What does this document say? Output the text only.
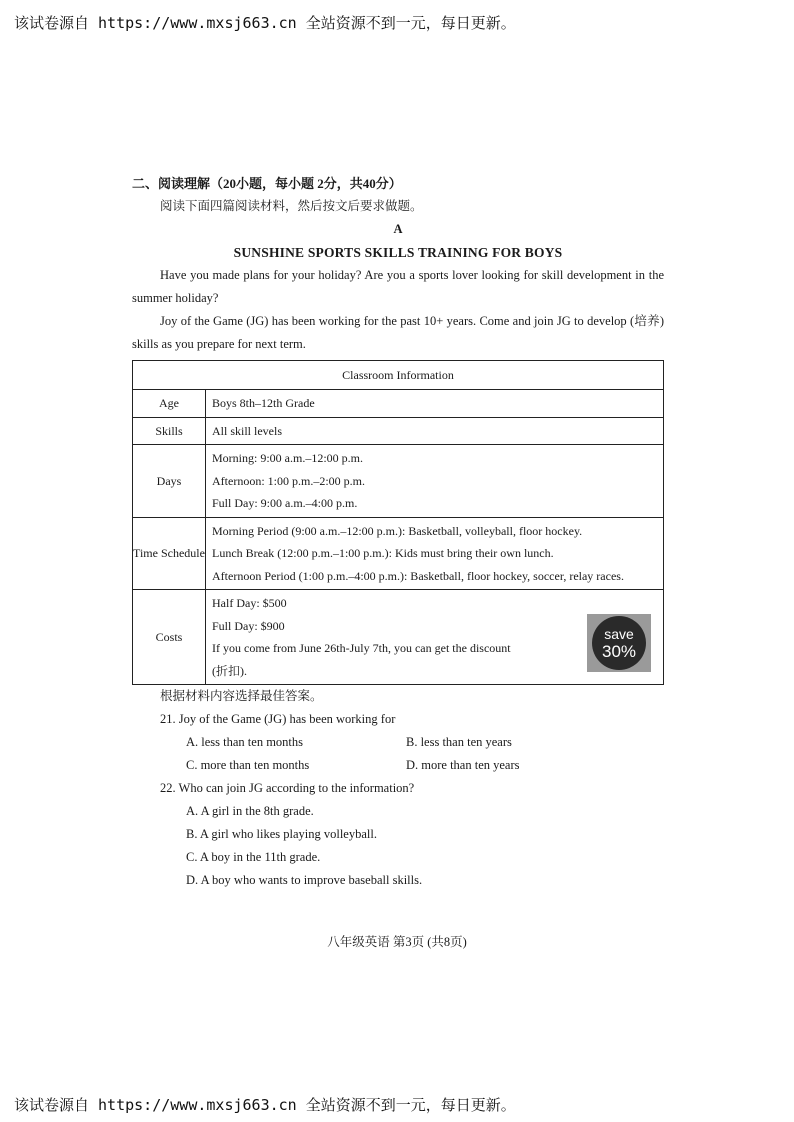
该试卷源自 https://www.mxsj663.cn 全站资源不到一元，每日更新。

二、阅读理解（20小题，每小题 2分，共40分）

阅读下面四篇阅读材料，然后按文后要求做题。

A

SUNSHINE SPORTS SKILLS TRAINING FOR BOYS

Have you made plans for your holiday? Are you a sports lover looking for skill development in the summer holiday?

Joy of the Game (JG) has been working for the past 10+ years. Come and join JG to develop (培养) skills as you prepare for next term.

Classroom Information	
Age	Boys 8th–12th Grade
Skills	All skill levels
Days	Morning: 9:00 a.m.–12:00 p.m.
Afternoon: 1:00 p.m.–2:00 p.m.
Full Day: 9:00 a.m.–4:00 p.m.

Time Schedule	Morning Period (9:00 a.m.–12:00 p.m.): Basketball, volleyball, floor hockey.
Lunch Break (12:00 p.m.–1:00 p.m.): Kids must bring their own lunch.
Afternoon Period (1:00 p.m.–4:00 p.m.): Basketball, floor hockey, soccer, relay races.

Costs	Half Day: $500
Full Day: $900
If you come from June 26th-July 7th, you can get the discount (折扣).
save
30%

根据材料内容选择最佳答案。

21. Joy of the Game (JG) has been working for

A. less than ten months	B. less than ten years
C. more than ten months	D. more than ten years

22. Who can join JG according to the information?

A. A girl in the 8th grade.

B. A girl who likes playing volleyball.

C. A boy in the 11th grade.

D. A boy who wants to improve baseball skills.

八年级英语 第3页 (共8页)
该试卷源自 https://www.mxsj663.cn 全站资源不到一元，每日更新。
